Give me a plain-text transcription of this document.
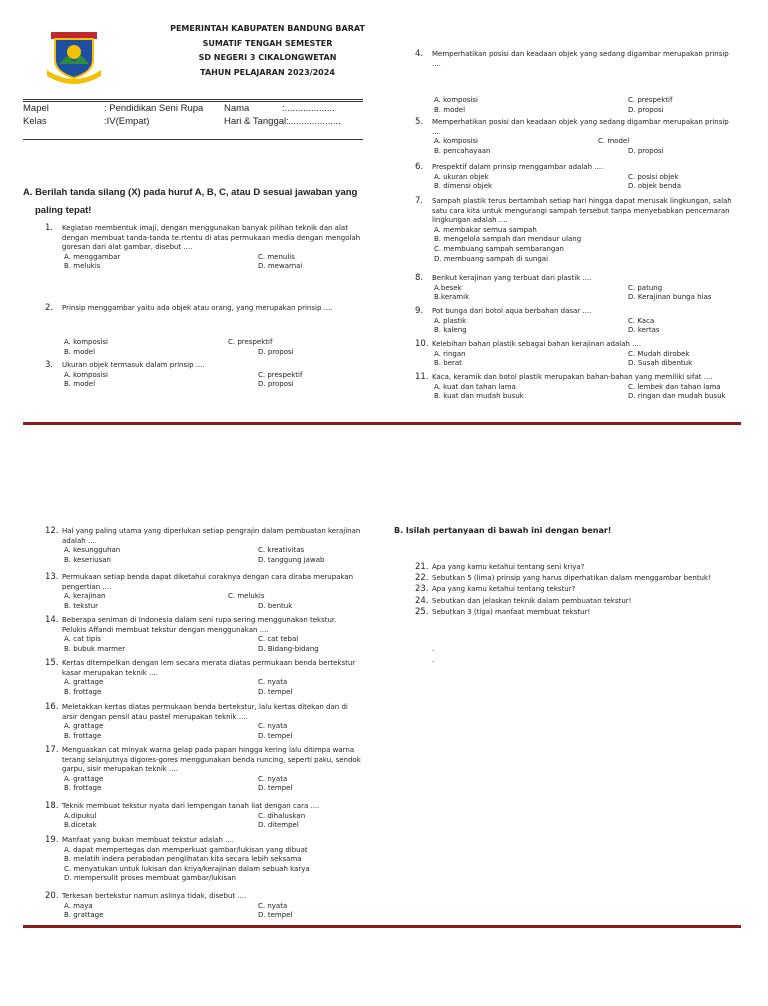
PEMERINTAH KABUPATEN BANDUNG BARAT
SUMATIF TENGAH SEMESTER
SD NEGERI 3 CIKALONGWETAN
TAHUN PELAJARAN 2023/2024
Mapel	: Pendidikan Seni Rupa Nama	:...................
Kelas	:IV(Empat)	Hari & Tanggal: ....................
A. Berilah tanda silang (X) pada huruf A, B, C, atau D sesuai jawaban yang
paling tepat!
1. Kegiatan membentuk imaji, dengan menggunakan banyak pilihan teknik dan alat dengan membuat tanda-tanda te.rtentu di atas permukaan media dengan mengolah goresan dari alat gambar, disebut ....
A. menggambar	C. menulis
B. melukis	D. mewarnai
2. Prinsip menggambar yaitu ada objek atau orang, yang merupakan prinsip ....
A. komposisi	C. prespektif
B. model	D. proposi
3. Ukuran objek termasuk dalam prinsip ....
A. komposisi	C. prespektif
B. model	D. proposi
4. Memperhatikan posisi dan keadaan objek yang sedang digambar merupakan prinsip ....
A. komposisi	C. prespektif
B. model	D. proposi
5. Memperhatikan posisi dan keadaan objek yang sedang digambar merupakan prinsip ....
A. komposisi	C. model
B. pencahayaan	D. proposi
6. Prespektif dalam prinsip menggambar adalah ....
A. ukuran objek	C. posisi objek
B. dimensi objek	D. objek benda
7. Sampah plastik terus bertambah setiap hari hingga dapat merusak lingkungan, salah satu cara kita untuk mengurangi sampah tersebut tanpa menyebabkan pencemaran lingkungan adalah ....
A. membakar semua sampah
B. mengelola sampah dan mendaur ulang
C. membuang sampah sembarangan
D. membuang sampah di sungai
8. Berikut kerajinan yang terbuat dari plastik ....
A.besek	C. patung
B.keramik	D. Kerajinan bunga hias
9. Pot bunga dari botol aqua berbahan dasar ....
A. plastik	C. Kaca
B. kaleng	D. kertas
10. Kelebihan bahan plastik sebagai bahan kerajinan adalah ....
A. ringan	C. Mudah dirobek
B. berat	D. Susah dibentuk
11. Kaca, keramik dan botol plastik merupakan bahan-bahan yang memiliki sifat ....
A. kuat dan tahan lama	C. lembek dan tahan lama
B. kuat dan mudah busuk	D. ringan dan mudah busuk
12. Hal yang paling utama yang diperlukan setiap pengrajin dalam pembuatan kerajinan adalah ....
A. kesungguhan	C. kreativitas
B. keseriusan	D. tanggung jawab
13. Permukaan setiap benda dapat diketahui coraknya dengan cara diraba merupakan pengertian ....
A. kerajinan	C. melukis
B. tekstur	D. bentuk
14. Beberapa seniman di Indonesia dalam seni rupa sering menggunakan tekstur. Pelukis Affandi membuat tekstur dengan menggunakan ....
A. cat tipis	C. cat tebal
B. bubuk marmer	D. Bidang-bidang
15. Kertas ditempelkan dengan lem secara merata diatas permukaan benda bertekstur kasar merupakan teknik ....
A. grattage	C. nyata
B. frottage	D. tempel
16. Meletakkan kertas diatas permukaan benda bertekstur, lalu kertas ditekan dan di arsir dengan pensil atau pastel merupakan teknik ....
A. grattage	C. nyata
B. frottage	D. tempel
17. Menguaskan cat minyak warna gelap pada papan hingga kering lalu ditimpa warna terang selanjutnya digores-gores menggunakan benda runcing, seperti paku, sendok garpu, sisir merupakan teknik ....
A. grattage	C. nyata
B. frottage	D. tempel
18. Teknik membuat tekstur nyata dari lempengan tanah liat dengan cara ....
A.dipukul	C. dihaluskan
B.dicetak	D. ditempel
19. Manfaat yang bukan membuat tekstur adalah ....
A. dapat mempertegas dan memperkuat gambar/lukisan yang dibuat
B. melatih indera perabadan penglihatan kita secara lebih seksama
C. menyatukan untuk lukisan dan kriya/kerajinan dalam sebuah karya
D. mempersulit proses membuat gambar/lukisan
20. Terkesan bertekstur namun aslinya tidak, disebut ....
A. maya	C. nyata
B. grattage	D. tempel
B. Isilah pertanyaan di bawah ini dengan benar!
21. Apa yang kamu ketahui tentang seni kriya?
22. Sebutkan 5 (lima) prinsip yang harus diperhatikan dalam menggambar bentuk!
23. Apa yang kamu ketahui tentang tekstur?
24. Sebutkan dan jelaskan teknik dalam pembuatan tekstur!
25. Sebutkan 3 (tiga) manfaat membuat tekstur!
.
.
